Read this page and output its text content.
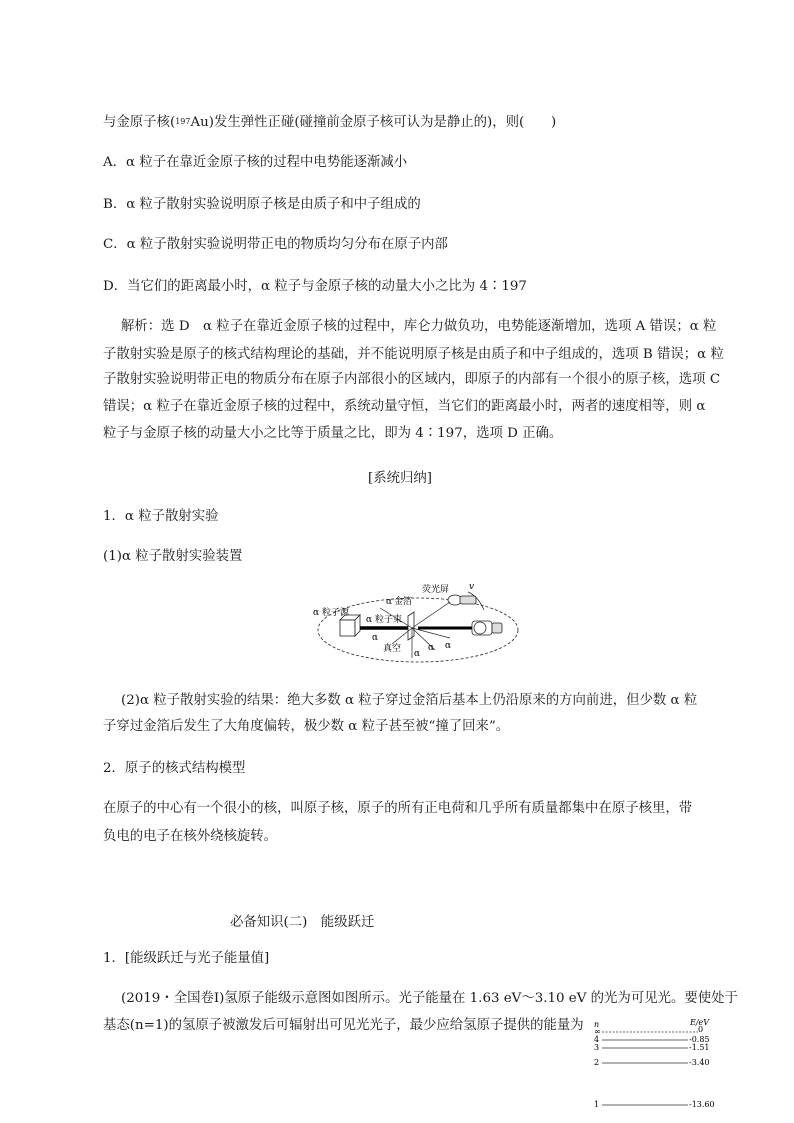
与金原子核($^{197}$Au)发生弹性正碰(碰撞前金原子核可认为是静止的)，则(　　)
A．α 粒子在靠近金原子核的过程中电势能逐渐减小
B．α 粒子散射实验说明原子核是由质子和中子组成的
C．α 粒子散射实验说明带正电的物质均匀分布在原子内部
D．当它们的距离最小时，α 粒子与金原子核的动量大小之比为 4∶197
解析：选 D　α 粒子在靠近金原子核的过程中，库仑力做负功，电势能逐渐增加，选项 A 错误；α 粒
子散射实验是原子的核式结构理论的基础，并不能说明原子核是由质子和中子组成的，选项 B 错误；α 粒
子散射实验说明带正电的物质分布在原子内部很小的区域内，即原子的内部有一个很小的原子核，选项 C
错误；α 粒子在靠近金原子核的过程中，系统动量守恒，当它们的距离最小时，两者的速度相等，则 α
粒子与金原子核的动量大小之比等于质量之比，即为 4∶197，选项 D 正确。
[系统归纳]
1．α 粒子散射实验
(1)α 粒子散射实验装置
α 粒子源
金箔
荧光屏
α 粒子束
真空
α
α
α
α α
v
(2)α 粒子散射实验的结果：绝大多数 α 粒子穿过金箔后基本上仍沿原来的方向前进，但少数 α 粒
子穿过金箔后发生了大角度偏转，极少数 α 粒子甚至被“撞了回来”。
2．原子的核式结构模型
在原子的中心有一个很小的核，叫原子核，原子的所有正电荷和几乎所有质量都集中在原子核里，带
负电的电子在核外绕核旋转。
必备知识(二)　能级跃迁
1．[能级跃迁与光子能量值]
(2019・全国卷Ⅰ)氢原子能级示意图如图所示。光子能量在 1.63 eV～3.10 eV 的光为可见光。要使处于
基态(n=1)的氢原子被激发后可辐射出可见光光子，最少应给氢原子提供的能量为 n	E/eV
∞	0
4	-0.85
3	-1.51
2	-3.40
1	-13.60
